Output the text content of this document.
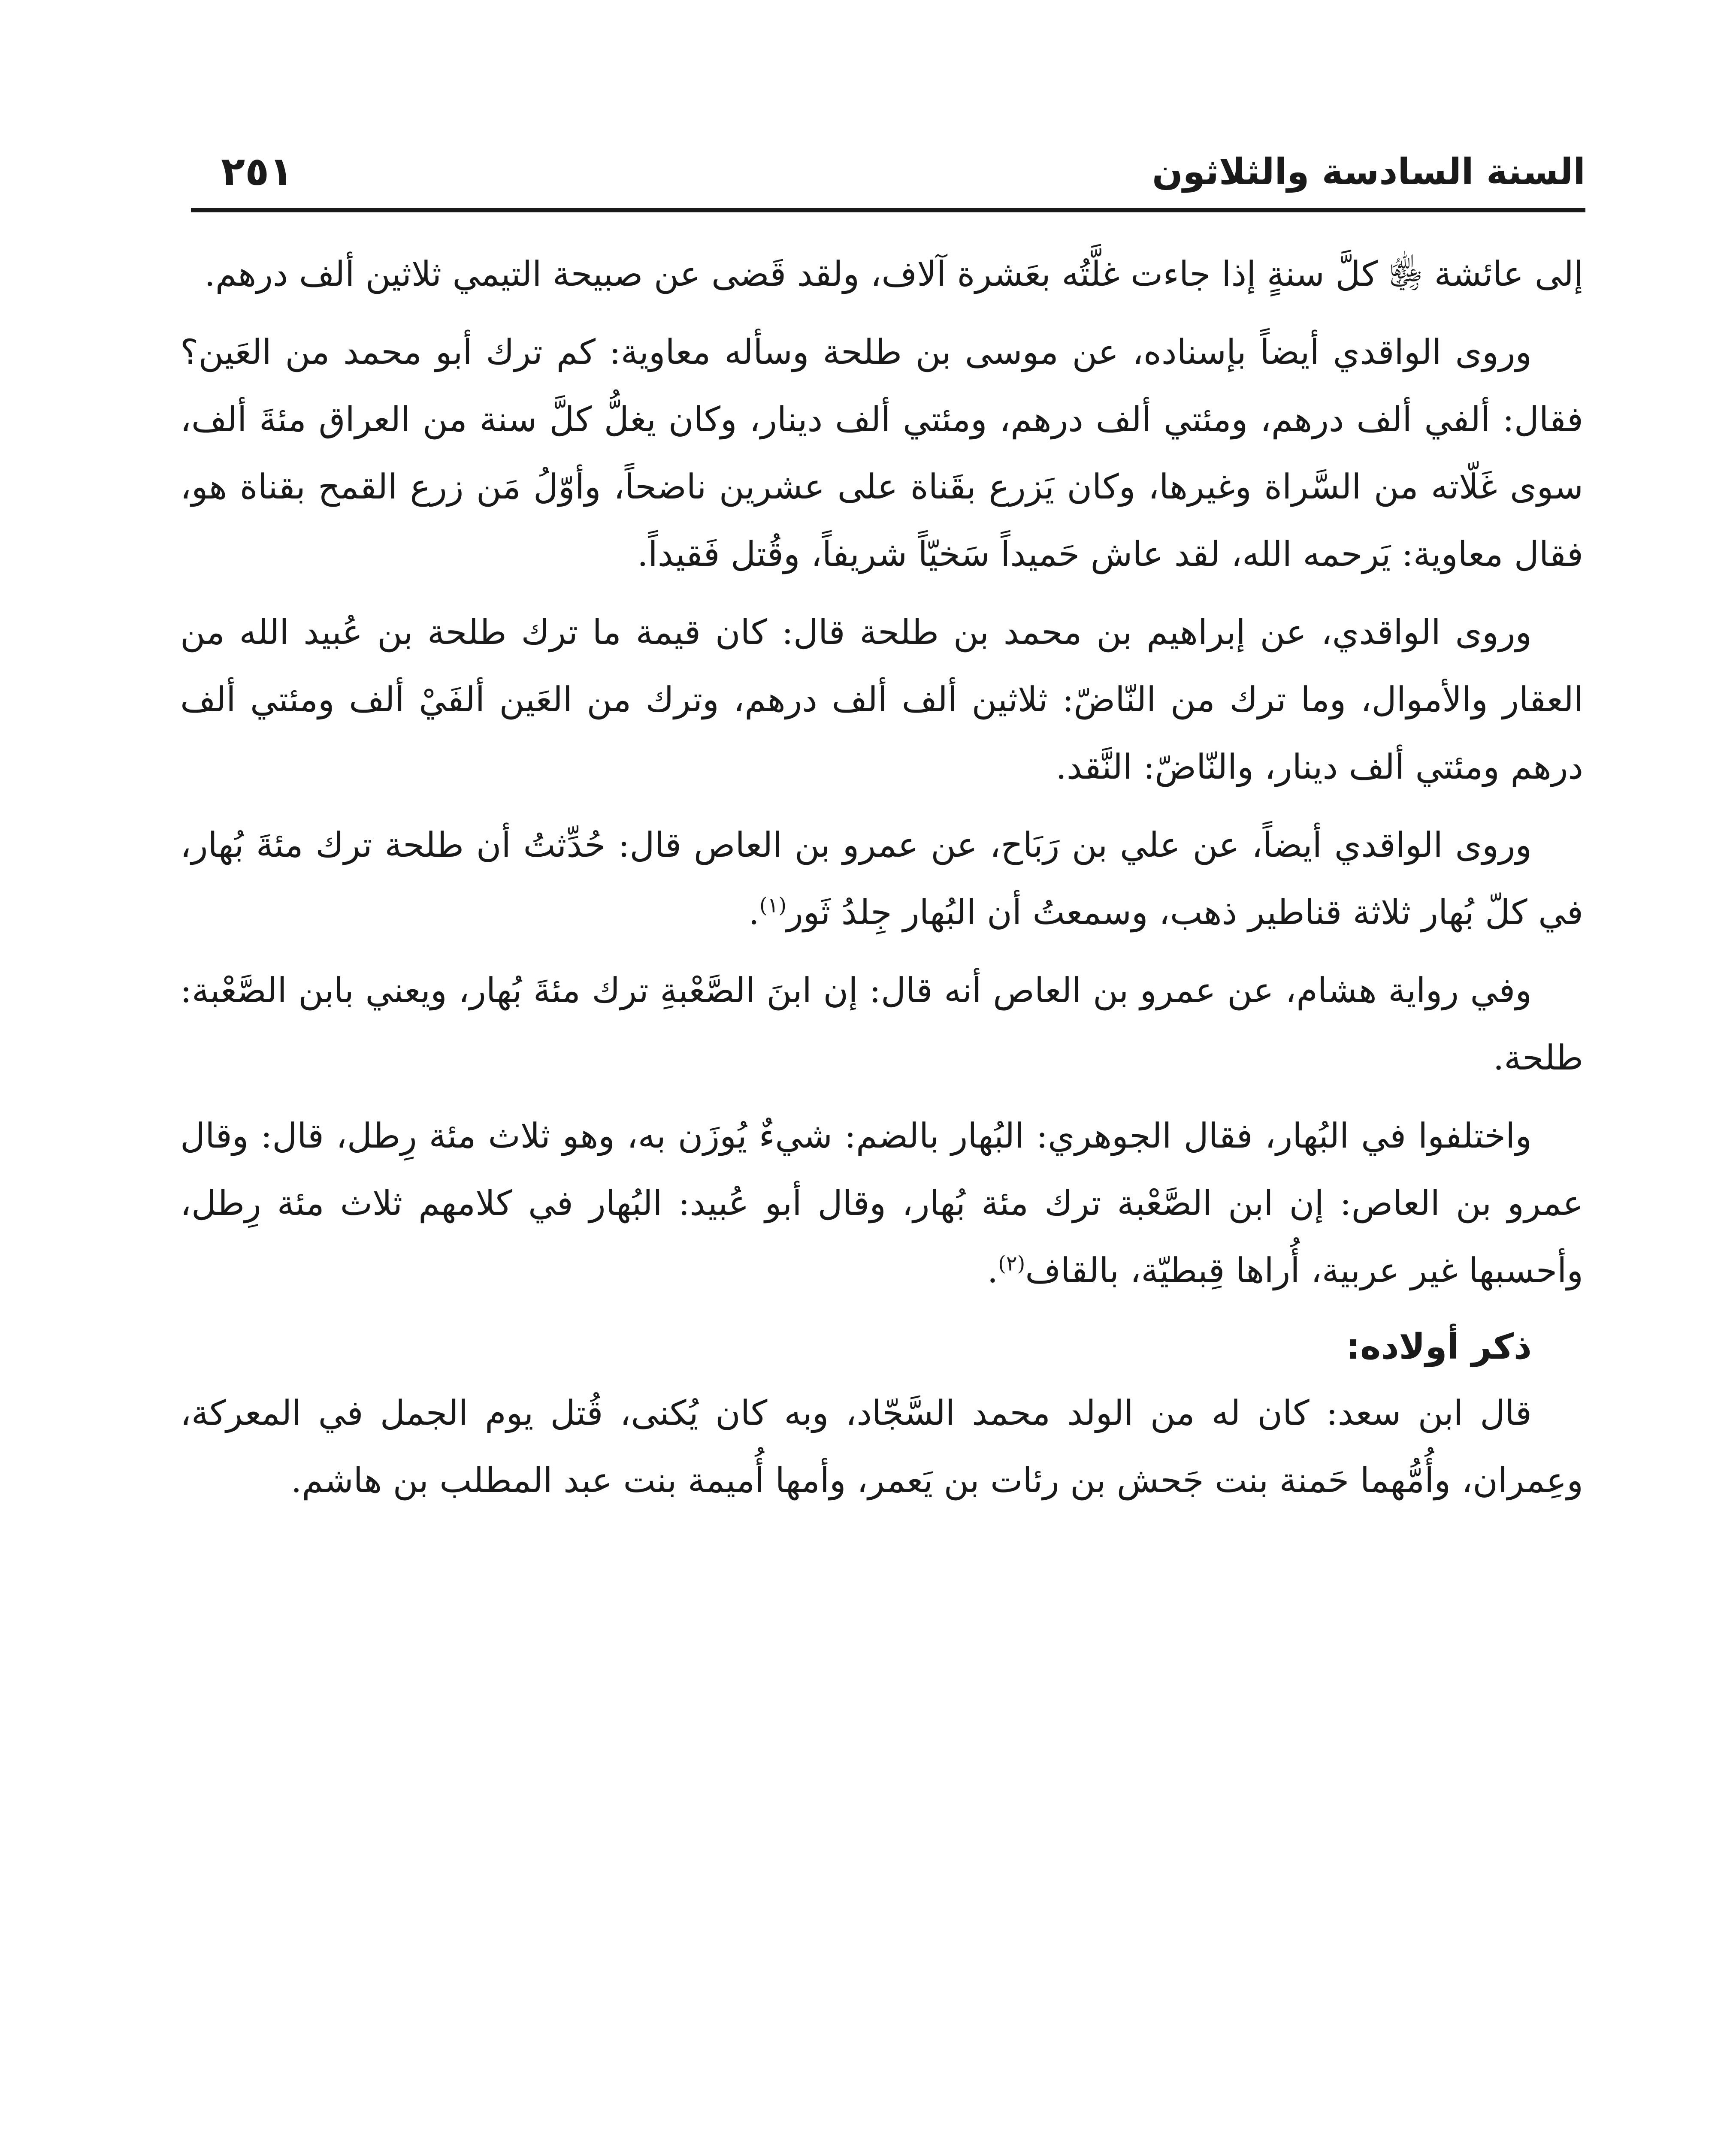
السنة السادسة والثلاثون
٢٥١

إلى عائشة ﵂ كلَّ سنةٍ إذا جاءت غلَّتُه بعَشرة آلاف، ولقد قَضى عن صبيحة التيمي ثلاثين ألف درهم.

وروى الواقدي أيضاً بإسناده، عن موسى بن طلحة وسأله معاوية: كم ترك أبو محمد من العَين؟ فقال: ألفي ألف درهم، ومئتي ألف درهم، ومئتي ألف دينار، وكان يغلُّ كلَّ سنة من العراق مئةَ ألف، سوى غَلّاته من السَّراة وغيرها، وكان يَزرع بقَناة على عشرين ناضحاً، وأوّلُ مَن زرع القمح بقناة هو، فقال معاوية: يَرحمه الله، لقد عاش حَميداً سَخيّاً شريفاً، وقُتل فَقيداً.

وروى الواقدي، عن إبراهيم بن محمد بن طلحة قال: كان قيمة ما ترك طلحة بن عُبيد الله من العقار والأموال، وما ترك من النّاضّ: ثلاثين ألف ألف درهم، وترك من العَين ألفَيْ ألف ومئتي ألف درهم ومئتي ألف دينار، والنّاضّ: النَّقد.

وروى الواقدي أيضاً، عن علي بن رَبَاح، عن عمرو بن العاص قال: حُدِّثتُ أن طلحة ترك مئةَ بُهار، في كلّ بُهار ثلاثة قناطير ذهب، وسمعتُ أن البُهار جِلدُ ثَور$^{(١)}$.

وفي رواية هشام، عن عمرو بن العاص أنه قال: إن ابنَ الصَّعْبةِ ترك مئةَ بُهار، ويعني بابن الصَّعْبة: طلحة.

واختلفوا في البُهار، فقال الجوهري: البُهار بالضم: شيءٌ يُوزَن به، وهو ثلاث مئة رِطل، قال: وقال عمرو بن العاص: إن ابن الصَّعْبة ترك مئة بُهار، وقال أبو عُبيد: البُهار في كلامهم ثلاث مئة رِطل، وأحسبها غير عربية، أُراها قِبطيّة، بالقاف$^{(٢)}$.

ذكر أولاده:

قال ابن سعد: كان له من الولد محمد السَّجّاد، وبه كان يُكنى، قُتل يوم الجمل في المعركة، وعِمران، وأُمُّهما حَمنة بنت جَحش بن رئات بن يَعمر، وأمها أُميمة بنت عبد المطلب بن هاشم.
